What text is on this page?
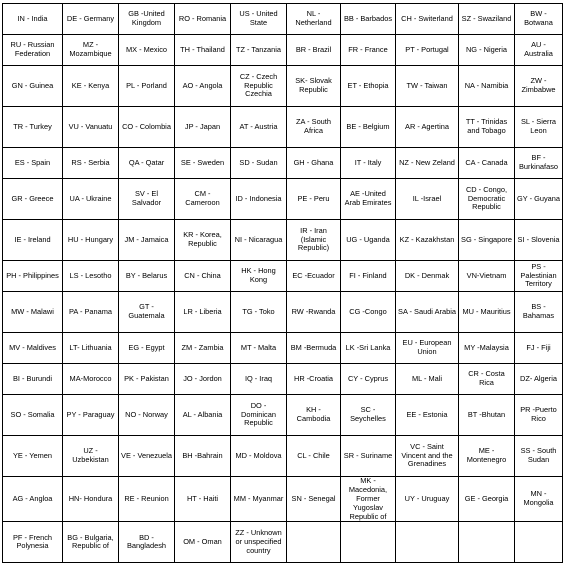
IN - India	DE - Germany	GB -United Kingdom	RO - Romania	US - United State	NL - Netherland	BB - Barbados	CH - Switerland	SZ - Swaziland	BW - Botwana
RU - Russian Federation	MZ - Mozambique	MX - Mexico	TH - Thailand	TZ - Tanzania	BR - Brazil	FR - France	PT - Portugal	NG - Nigeria	AU - Australia
GN - Guinea	KE - Kenya	PL - Porland	AO - Angola	CZ - Czech Republic Czechia	SK- Slovak Republic	ET - Ethopia	TW - Taiwan	NA - Namibia	ZW - Zimbabwe
TR - Turkey	VU - Vanuatu	CO - Colombia	JP - Japan	AT - Austria	ZA - South Africa	BE - Belgium	AR - Agertina	TT - Trinidas and Tobago	SL - Sierra Leon
ES - Spain	RS - Serbia	QA - Qatar	SE - Sweden	SD - Sudan	GH - Ghana	IT - Italy	NZ - New Zeland	CA - Canada	BF - Burkinafaso
GR - Greece	UA - Ukraine	SV - El Salvador	CM - Cameroon	ID - Indonesia	PE - Peru	AE -United Arab Emirates	IL -Israel	CD - Congo, Democratic Republic	GY - Guyana
IE - Ireland	HU - Hungary	JM - Jamaica	KR - Korea, Republic	NI - Nicaragua	IR - Iran (Islamic Republic)	UG - Uganda	KZ - Kazakhstan	SG - Singapore	SI - Slovenia
PH - Philippines	LS - Lesotho	BY - Belarus	CN - China	HK - Hong Kong	EC -Ecuador	FI - Finland	DK - Denmak	VN-Vietnam	PS - Palestinian Territory
MW - Malawi	PA - Panama	GT - Guatemala	LR - Liberia	TG - Toko	RW -Rwanda	CG -Congo	SA - Saudi Arabia	MU - Mauritius	BS -Bahamas
MV - Maldives	LT- Lithuania	EG - Egypt	ZM - Zambia	MT - Malta	BM -Bermuda	LK -Sri Lanka	EU - European Union	MY -Malaysia	FJ - Fiji
BI - Burundi	MA-Morocco	PK - Pakistan	JO - Jordon	IQ - Iraq	HR -Croatia	CY - Cyprus	ML - Mali	CR - Costa Rica	DZ- Algeria
SO - Somalia	PY - Paraguay	NO - Norway	AL - Albania	DO - Dominican Republic	KH - Cambodia	SC - Seychelles	EE - Estonia	BT -Bhutan	PR -Puerto Rico
YE - Yemen	UZ - Uzbekistan	VE - Venezuela	BH -Bahrain	MD - Moldova	CL - Chile	SR - Suriname	VC - Saint Vincent and the Grenadines	ME - Montenegro	SS - South Sudan
AG - Angloa	HN- Hondura	RE - Reunion	HT - Haiti	MM - Myanmar	SN - Senegal	MK - Macedonia, Former Yugoslav Republic of	UY - Uruguay	GE - Georgia	MN - Mongolia
PF - French Polynesia	BG - Bulgaria, Republic of	BD - Bangladesh	OM - Oman	ZZ - Unknown or unspecified country					
